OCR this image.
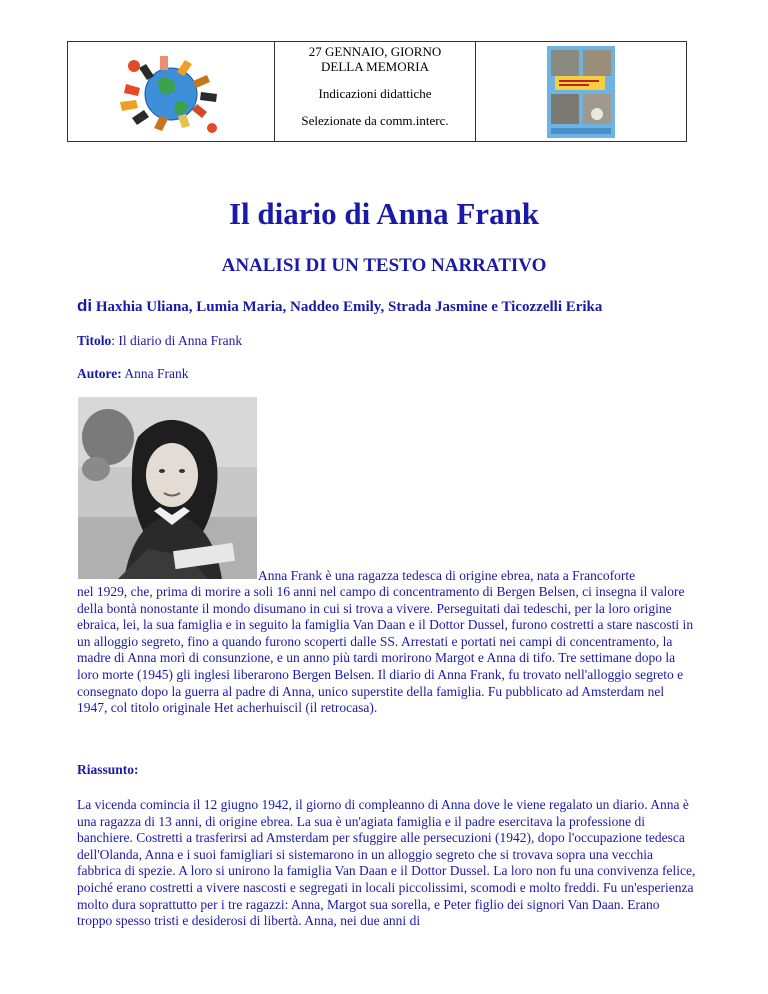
27 GENNAIO, GIORNO
DELLA MEMORIA
Indicazioni didattiche
Selezionate da comm.interc.
Il diario di Anna Frank
ANALISI DI UN TESTO NARRATIVO
di Haxhia Uliana, Lumia Maria, Naddeo Emily, Strada Jasmine e Ticozzelli Erika
Titolo: Il diario di Anna Frank
Autore: Anna Frank
Anna Frank è una ragazza tedesca di origine ebrea, nata a Francoforte

nel 1929, che, prima di morire a soli 16 anni nel campo di concentramento di Bergen Belsen, ci insegna il valore della bontà nonostante il mondo disumano in cui si trova a vivere. Perseguitati dai tedeschi, per la loro origine ebraica, lei, la sua famiglia e in seguito la famiglia Van Daan e il Dottor Dussel, furono costretti a stare nascosti in un alloggio segreto, fino a quando furono scoperti dalle SS. Arrestati e portati nei campi di concentramento, la madre di Anna morì di consunzione, e un anno più tardi morirono Margot e Anna di tifo. Tre settimane dopo la loro morte (1945) gli inglesi liberarono Bergen Belsen. Il diario di Anna Frank, fu trovato nell'alloggio segreto e consegnato dopo la guerra al padre di Anna, unico superstite della famiglia. Fu pubblicato ad Amsterdam nel 1947, col titolo originale Het acherhuiscil (il retrocasa).

Riassunto:

La vicenda comincia il 12 giugno 1942, il giorno di compleanno di Anna dove le viene regalato un diario. Anna è una ragazza di 13 anni, di origine ebrea. La sua è un'agiata famiglia e il padre esercitava la professione di banchiere. Costretti a trasferirsi ad Amsterdam per sfuggire alle persecuzioni (1942), dopo l'occupazione tedesca dell'Olanda, Anna e i suoi famigliari si sistemarono in un alloggio segreto che si trovava sopra una vecchia fabbrica di spezie. A loro si unirono la famiglia Van Daan e il Dottor Dussel. La loro non fu una convivenza felice, poiché erano costretti a vivere nascosti e segregati in locali piccolissimi, scomodi e molto freddi. Fu un'esperienza molto dura soprattutto per i tre ragazzi: Anna, Margot sua sorella, e Peter figlio dei signori Van Daan. Erano troppo spesso tristi e desiderosi di libertà. Anna, nei due anni di
